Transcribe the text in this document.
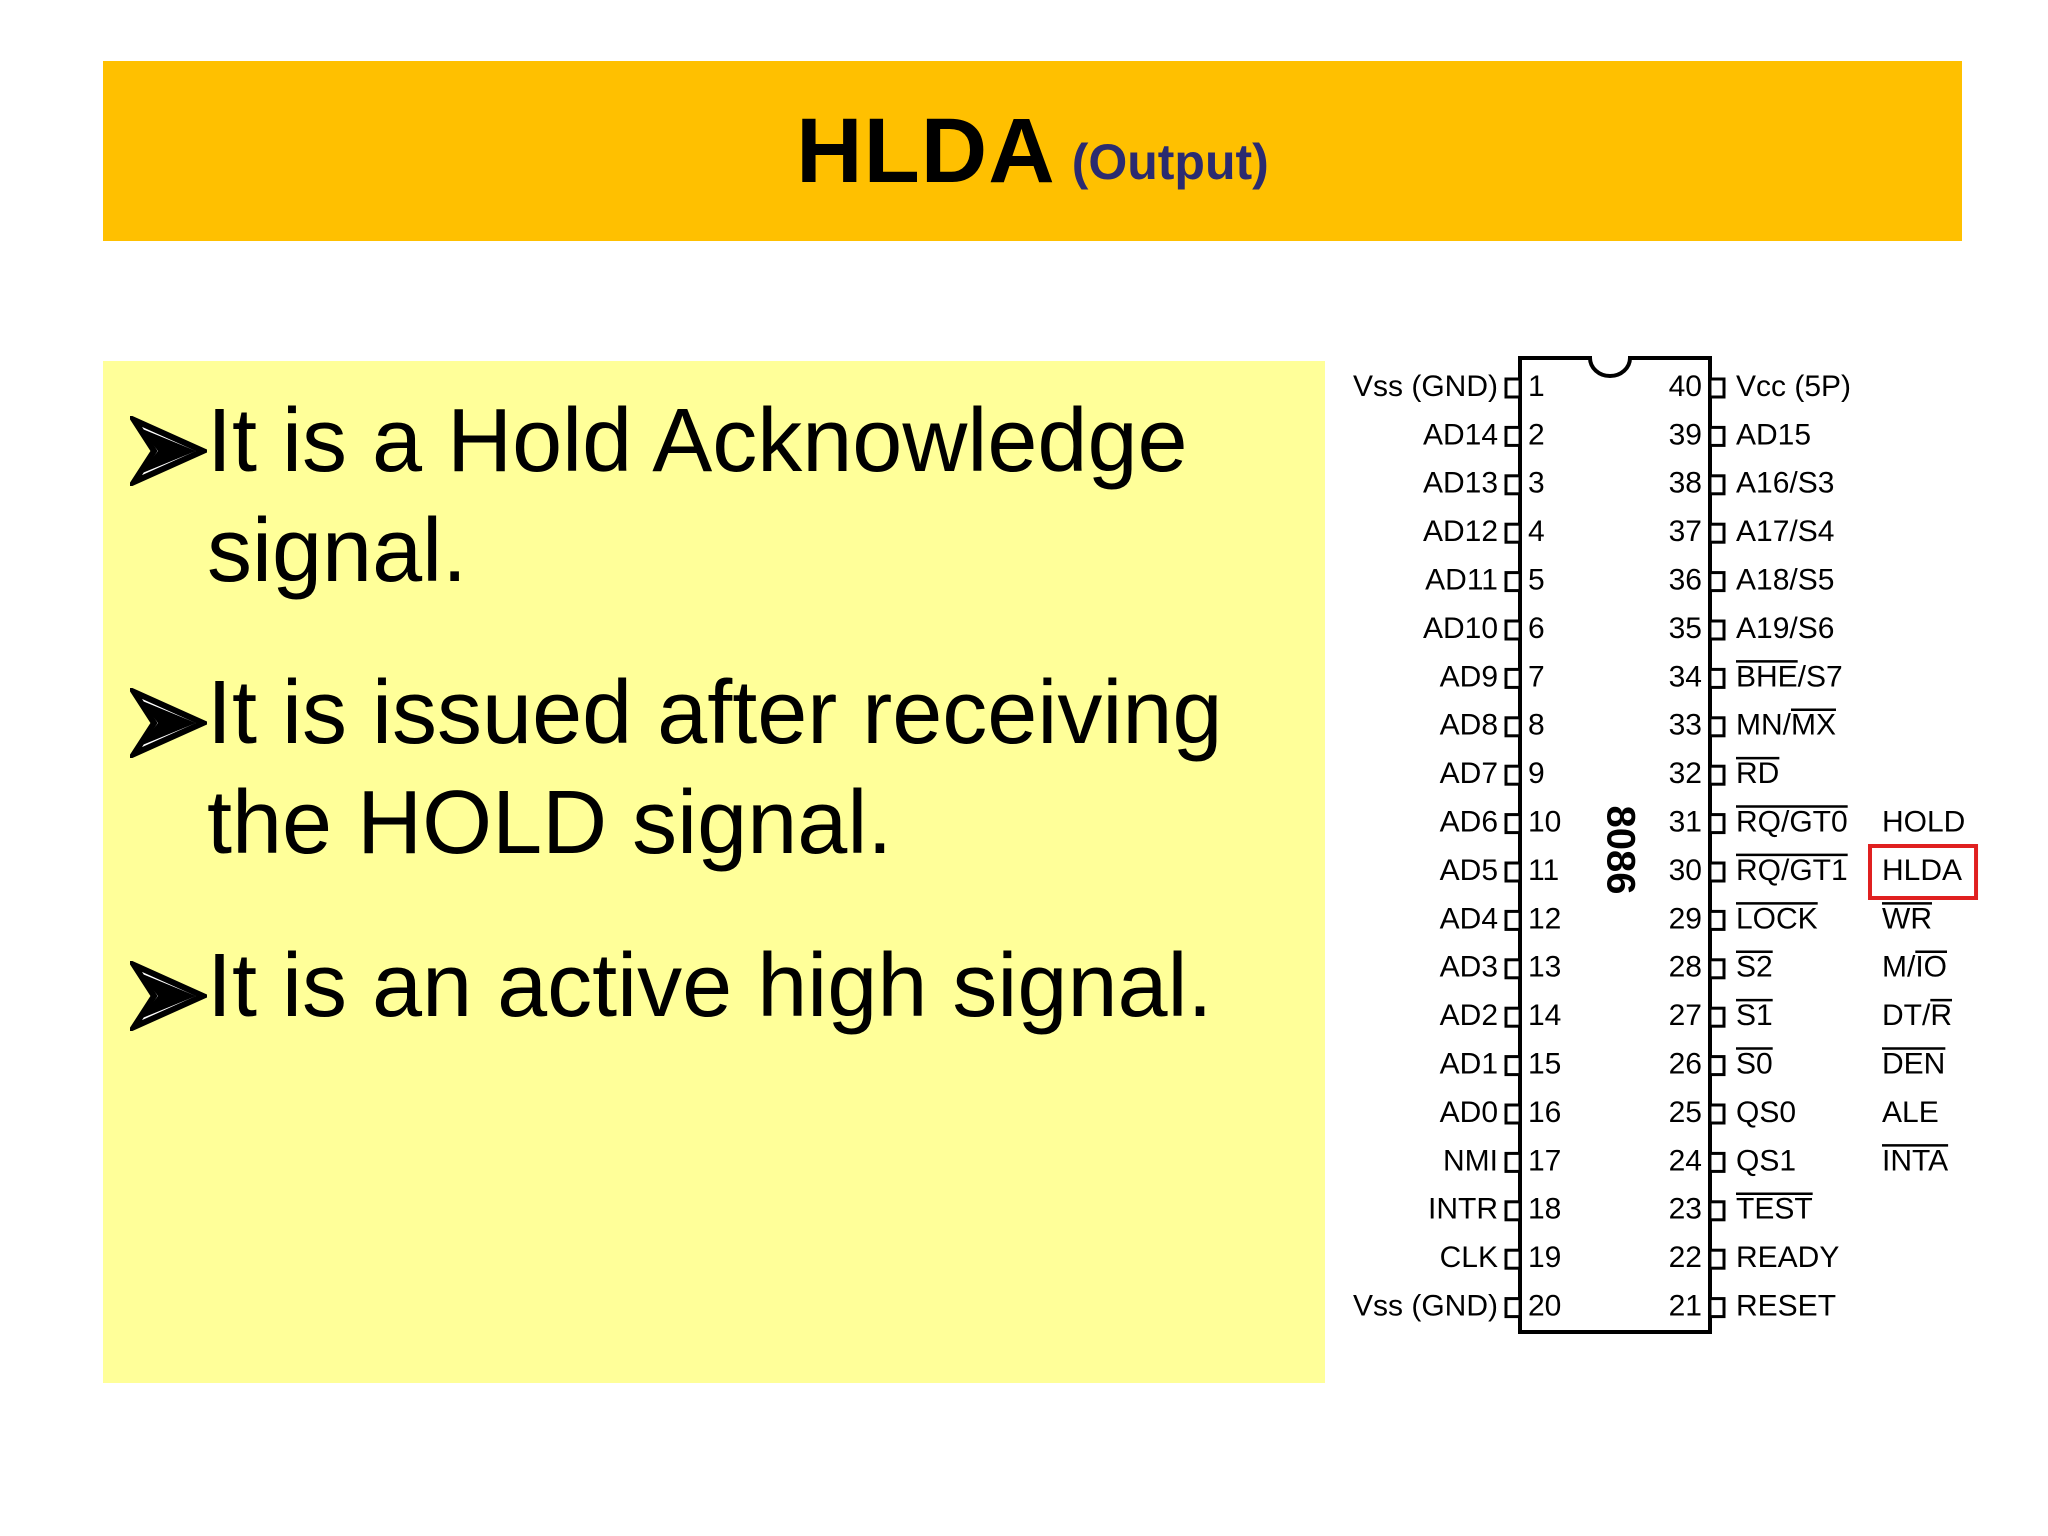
HLDA (Output)
It is a Hold Acknowledge signal.
It is issued after receiving the HOLD signal.
It is an active high signal.
8086
1
Vss (GND)
2
AD14
3
AD13
4
AD12
5
AD11
6
AD10
7
AD9
8
AD8
9
AD7
10
AD6
11
AD5
12
AD4
13
AD3
14
AD2
15
AD1
16
AD0
17
NMI
18
INTR
19
CLK
20
Vss (GND)
40 Vcc (5P)
39 AD15
38 A16/S3
37 A17/S4
36 A18/S5
35 A19/S6
34 BHE/S7
33 MN/MX
32 RD
31 RQ/GT0
30 RQ/GT1
29 LOCK
28 S2
27 S1
26 S0
25 QS0
24 QS1
23 TEST
22 READY
21 RESET
HOLD
HLDA
WR
M/IO
DT/R
DEN
ALE
INTA
